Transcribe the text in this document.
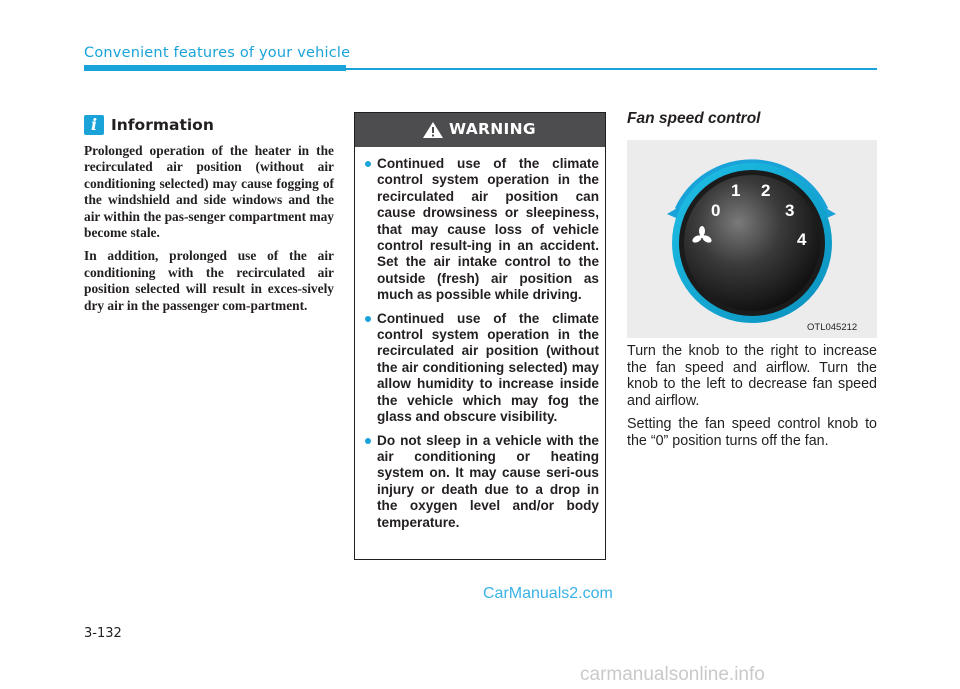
Convenient features of your vehicle
i Information

Prolonged operation of the heater in the recirculated air position (without air conditioning selected) may cause fogging of the windshield and side windows and the air within the pas-senger compartment may become stale.

In addition, prolonged use of the air conditioning with the recirculated air position selected will result in exces-sively dry air in the passenger com-partment.

WARNING
Continued use of the climate control system operation in the recirculated air position can cause drowsiness or sleepiness, that may cause loss of vehicle control result-ing in an accident. Set the air intake control to the outside (fresh) air position as much as possible while driving.
Continued use of the climate control system operation in the recirculated air position (without the air conditioning selected) may allow humidity to increase inside the vehicle which may fog the glass and obscure visibility.
Do not sleep in a vehicle with the air conditioning or heating system on. It may cause seri-ous injury or death due to a drop in the oxygen level and/or body temperature.
Fan speed control
0
1 2
3
4
OTL045212

Turn the knob to the right to increase the fan speed and airflow. Turn the knob to the left to decrease fan speed and airflow.

Setting the fan speed control knob to the “0” position turns off the fan.

CarManuals2.com
3-132
carmanualsonline.info
